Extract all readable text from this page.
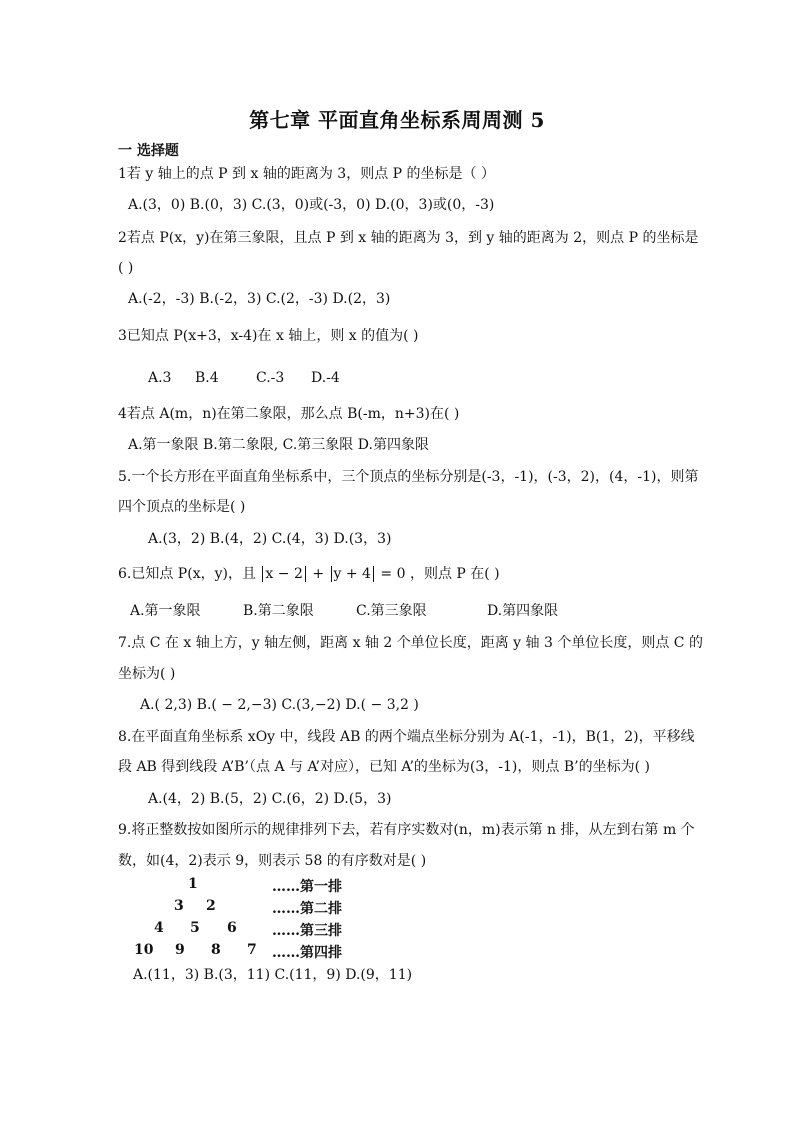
第七章 平面直角坐标系周周测 5
一 选择题
1若 y 轴上的点 P 到 x 轴的距离为 3，则点 P 的坐标是（ ）
A.(3，0) B.(0，3) C.(3，0)或(-3，0) D.(0，3)或(0，-3)
2若点 P(x，y)在第三象限，且点 P 到 x 轴的距离为 3，到 y 轴的距离为 2，则点 P 的坐标是
( )
A.(-2，-3) B.(-2，3) C.(2，-3) D.(2，3)
3已知点 P(x+3，x-4)在 x 轴上，则 x 的值为( )
A.3 B.4	C.-3 D.-4
4若点 A(m，n)在第二象限，那么点 B(-m，n+3)在( )
A.第一象限 B.第二象限, C.第三象限 D.第四象限
5.一个长方形在平面直角坐标系中，三个顶点的坐标分别是(-3，-1)，(-3，2)，(4，-1)，则第
四个顶点的坐标是( )
A.(3，2) B.(4，2) C.(4，3) D.(3，3)
6.已知点 P(x，y)，且 x − 2 + y + 4 = 0 ，则点 P 在( )
A.第一象限	B.第二象限	C.第三象限	D.第四象限
7.点 C 在 x 轴上方，y 轴左侧，距离 x 轴 2 个单位长度，距离 y 轴 3 个单位长度，则点 C 的
坐标为( )
A.( 2,3) B.( − 2,−3) C.(3,−2) D.( − 3,2 )
8.在平面直角坐标系 xOy 中，线段 AB 的两个端点坐标分别为 A(-1，-1)，B(1，2)，平移线
段 AB 得到线段 A’B’（点 A 与 A’对应），已知 A’的坐标为(3，-1)，则点 B’的坐标为( )
A.(4，2) B.(5，2) C.(6，2) D.(5，3)
9.将正整数按如图所示的规律排列下去，若有序实数对(n，m)表示第 n 排，从左到右第 m 个
数，如(4，2)表示 9，则表示 58 的有序数对是( )
1	……第一排
3 2	……第二排
4 5 6	……第三排
10 9 8 7 ……第四排
A.(11，3) B.(3，11) C.(11，9) D.(9，11)
